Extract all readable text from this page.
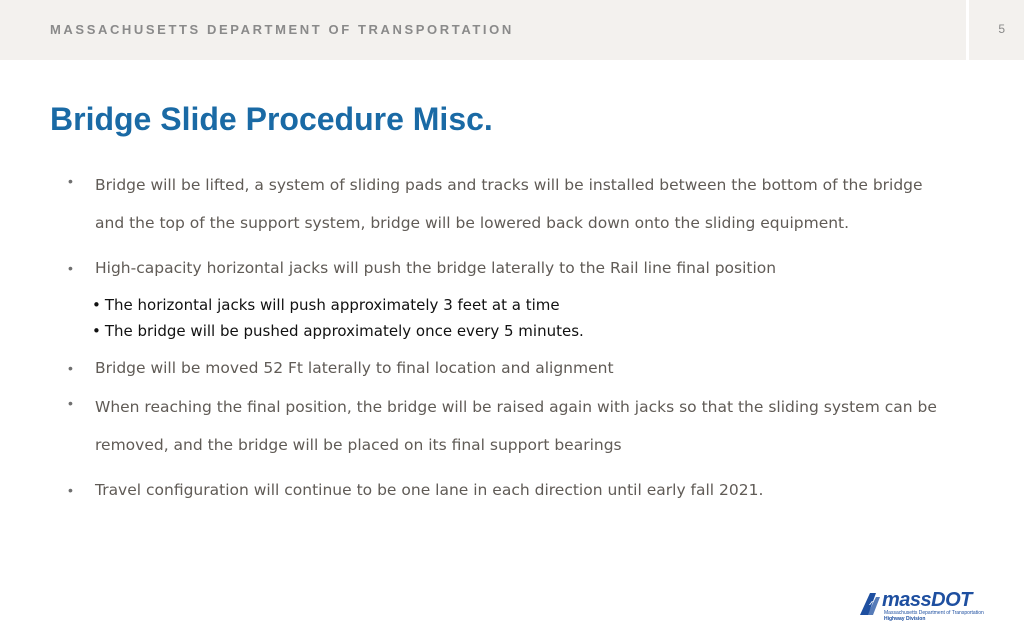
MASSACHUSETTS DEPARTMENT OF TRANSPORTATION	5
Bridge Slide Procedure Misc.
• Bridge will be lifted, a system of sliding pads and tracks will be installed between the bottom of the bridge and the top of the support system, bridge will be lowered back down onto the sliding equipment.
• High-capacity horizontal jacks will push the bridge laterally to the Rail line final position
• The horizontal jacks will push approximately 3 feet at a time
• The bridge will be pushed approximately once every 5 minutes.
• Bridge will be moved 52 Ft laterally to final location and alignment
• When reaching the final position, the bridge will be raised again with jacks so that the sliding system can be removed, and the bridge will be placed on its final support bearings
• Travel configuration will continue to be one lane in each direction until early fall 2021.
massDOT
Massachusetts Department of Transportation
Highway Division
